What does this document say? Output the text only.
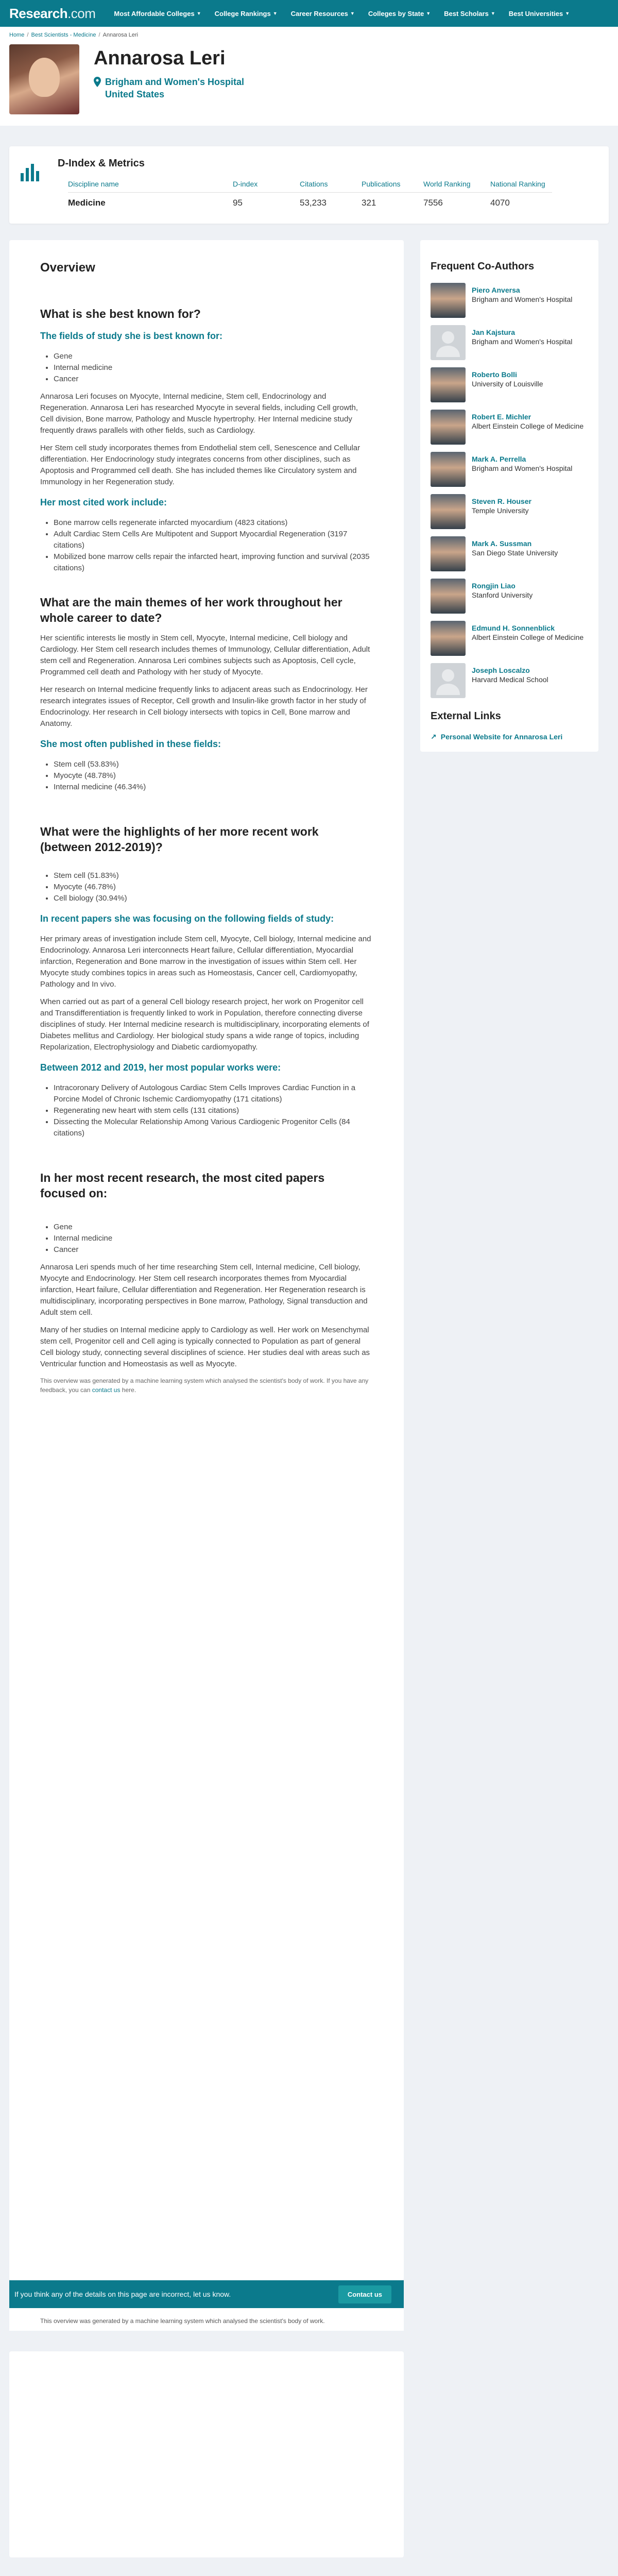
Research.com	Most Affordable Colleges ▼ College Rankings ▼ Career Resources ▼ Colleges by State ▼ Best Scholars ▼ Best Universities ▼
Home / Best Scientists - Medicine / Annarosa Leri
Annarosa Leri
Brigham and Women's Hospital
United States
D-Index & Metrics
Discipline name	D-index	Citations	Publications	World Ranking	National Ranking
Medicine	95	53,233	321	7556	4070
Overview
What is she best known for?
The fields of study she is best known for:
• Gene
• Internal medicine
• Cancer

Annarosa Leri focuses on Myocyte, Internal medicine, Stem cell, Endocrinology and Regeneration. Annarosa Leri has researched Myocyte in several fields, including Cell growth, Cell division, Bone marrow, Pathology and Muscle hypertrophy. Her Internal medicine study frequently draws parallels with other fields, such as Cardiology.

Her Stem cell study incorporates themes from Endothelial stem cell, Senescence and Cellular differentiation. Her Endocrinology study integrates concerns from other disciplines, such as Apoptosis and Programmed cell death. She has included themes like Circulatory system and Immunology in her Regeneration study.

Her most cited work include:
• Bone marrow cells regenerate infarcted myocardium (4823 citations)
• Adult Cardiac Stem Cells Are Multipotent and Support Myocardial Regeneration (3197 citations)
• Mobilized bone marrow cells repair the infarcted heart, improving function and survival (2035 citations)
What are the main themes of her work throughout her whole career to date?

Her scientific interests lie mostly in Stem cell, Myocyte, Internal medicine, Cell biology and Cardiology. Her Stem cell research includes themes of Immunology, Cellular differentiation, Adult stem cell and Regeneration. Annarosa Leri combines subjects such as Apoptosis, Cell cycle, Programmed cell death and Pathology with her study of Myocyte.

Her research on Internal medicine frequently links to adjacent areas such as Endocrinology. Her research integrates issues of Receptor, Cell growth and Insulin-like growth factor in her study of Endocrinology. Her research in Cell biology intersects with topics in Cell, Bone marrow and Anatomy.

She most often published in these fields:
• Stem cell (53.83%)
• Myocyte (48.78%)
• Internal medicine (46.34%)
What were the highlights of her more recent work (between 2012-2019)?
• Stem cell (51.83%)
• Myocyte (46.78%)
• Cell biology (30.94%)
In recent papers she was focusing on the following fields of study:

Her primary areas of investigation include Stem cell, Myocyte, Cell biology, Internal medicine and Endocrinology. Annarosa Leri interconnects Heart failure, Cellular differentiation, Myocardial infarction, Regeneration and Bone marrow in the investigation of issues within Stem cell. Her Myocyte study combines topics in areas such as Homeostasis, Cancer cell, Cardiomyopathy, Pathology and In vivo.

When carried out as part of a general Cell biology research project, her work on Progenitor cell and Transdifferentiation is frequently linked to work in Population, therefore connecting diverse disciplines of study. Her Internal medicine research is multidisciplinary, incorporating elements of Diabetes mellitus and Cardiology. Her biological study spans a wide range of topics, including Repolarization, Electrophysiology and Diabetic cardiomyopathy.

Between 2012 and 2019, her most popular works were:
• Intracoronary Delivery of Autologous Cardiac Stem Cells Improves Cardiac Function in a Porcine Model of Chronic Ischemic Cardiomyopathy (171 citations)
• Regenerating new heart with stem cells (131 citations)
• Dissecting the Molecular Relationship Among Various Cardiogenic Progenitor Cells (84 citations)
In her most recent research, the most cited papers focused on:
• Gene
• Internal medicine
• Cancer

Annarosa Leri spends much of her time researching Stem cell, Internal medicine, Cell biology, Myocyte and Endocrinology. Her Stem cell research incorporates themes from Myocardial infarction, Heart failure, Cellular differentiation and Regeneration. Her Regeneration research is multidisciplinary, incorporating perspectives in Bone marrow, Pathology, Signal transduction and Adult stem cell.

Many of her studies on Internal medicine apply to Cardiology as well. Her work on Mesenchymal stem cell, Progenitor cell and Cell aging is typically connected to Population as part of general Cell biology study, connecting several disciplines of science. Her studies deal with areas such as Ventricular function and Homeostasis as well as Myocyte.

This overview was generated by a machine learning system which analysed the scientist's body of work. If you have any feedback, you can contact us here.

If you think any of the details on this page are incorrect, let us know.	Contact us
This overview was generated by a machine learning system which analysed the scientist's body of work.
Frequent Co-Authors
Piero Anversa
Brigham and Women's Hospital
Jan Kajstura
Brigham and Women's Hospital
Roberto Bolli
University of Louisville
Robert E. Michler
Albert Einstein College of Medicine
Mark A. Perrella
Brigham and Women's Hospital
Steven R. Houser
Temple University
Mark A. Sussman
San Diego State University
Rongjin Liao
Stanford University
Edmund H. Sonnenblick
Albert Einstein College of Medicine
Joseph Loscalzo
Harvard Medical School
External Links
↗ Personal Website for Annarosa Leri
